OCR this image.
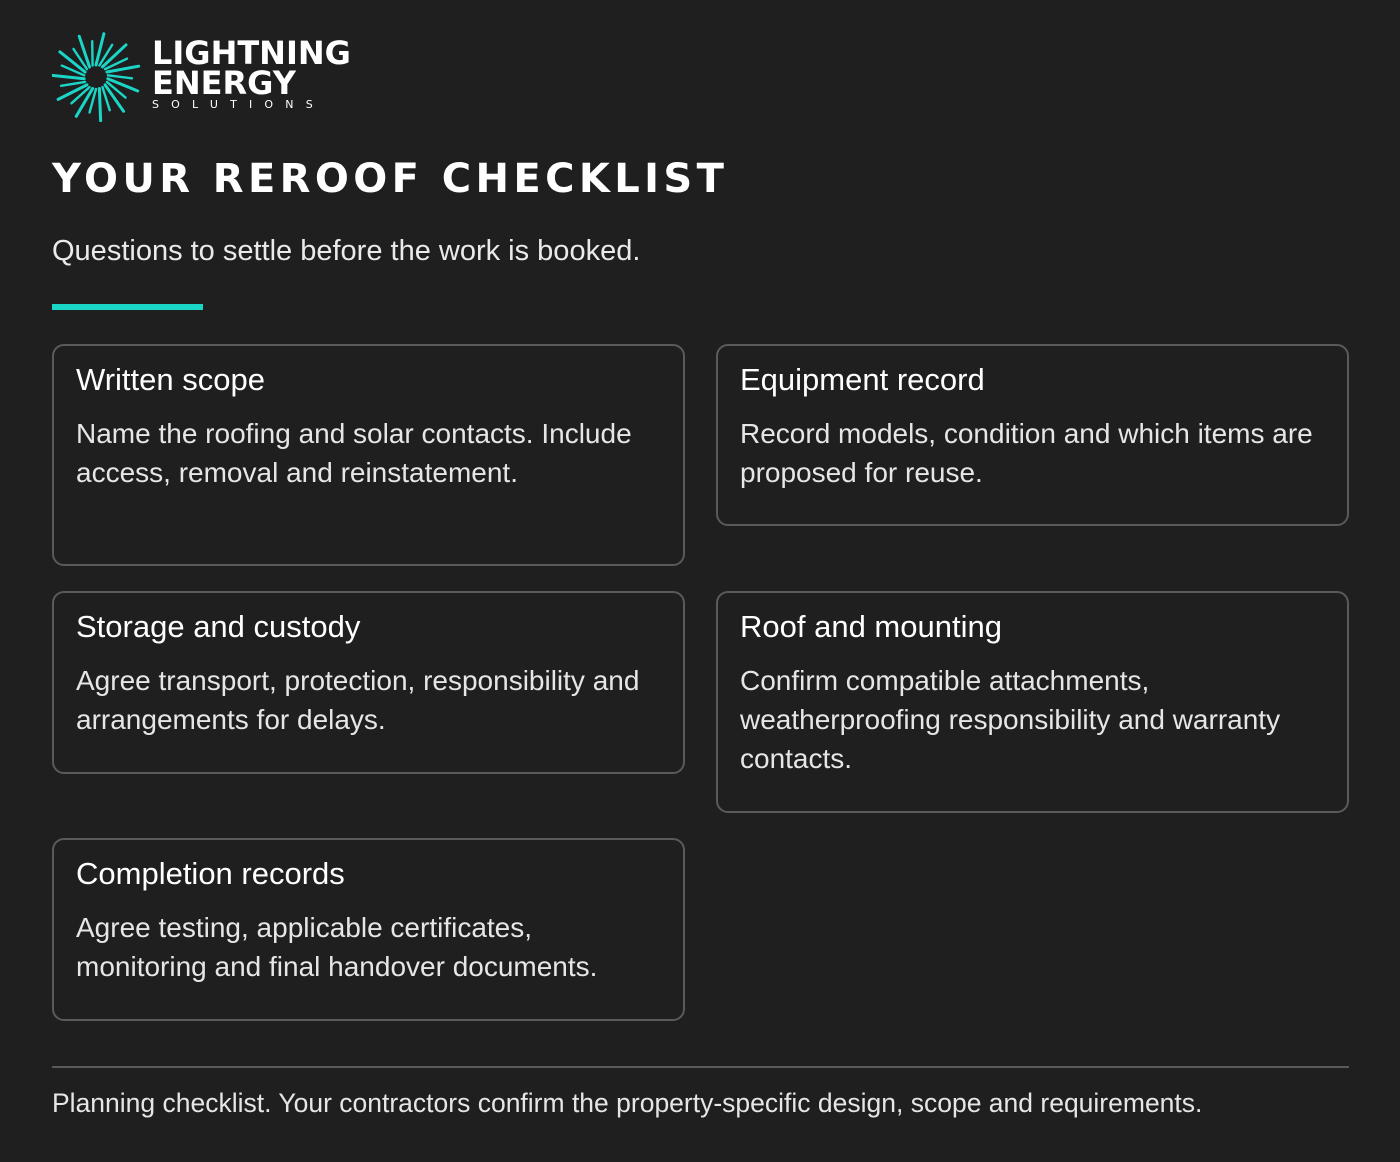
LIGHTNING
ENERGY
SOLUTIONS
YOUR REROOF CHECKLIST

Questions to settle before the work is booked.

Written scope

Name the roofing and solar contacts. Include access, removal and reinstatement.

Equipment record

Record models, condition and which items are proposed for reuse.

Storage and custody

Agree transport, protection, responsibility and arrangements for delays.

Roof and mounting

Confirm compatible attachments, weatherproofing responsibility and warranty contacts.

Completion records

Agree testing, applicable certificates, monitoring and final handover documents.

Planning checklist. Your contractors confirm the property-specific design, scope and requirements.
